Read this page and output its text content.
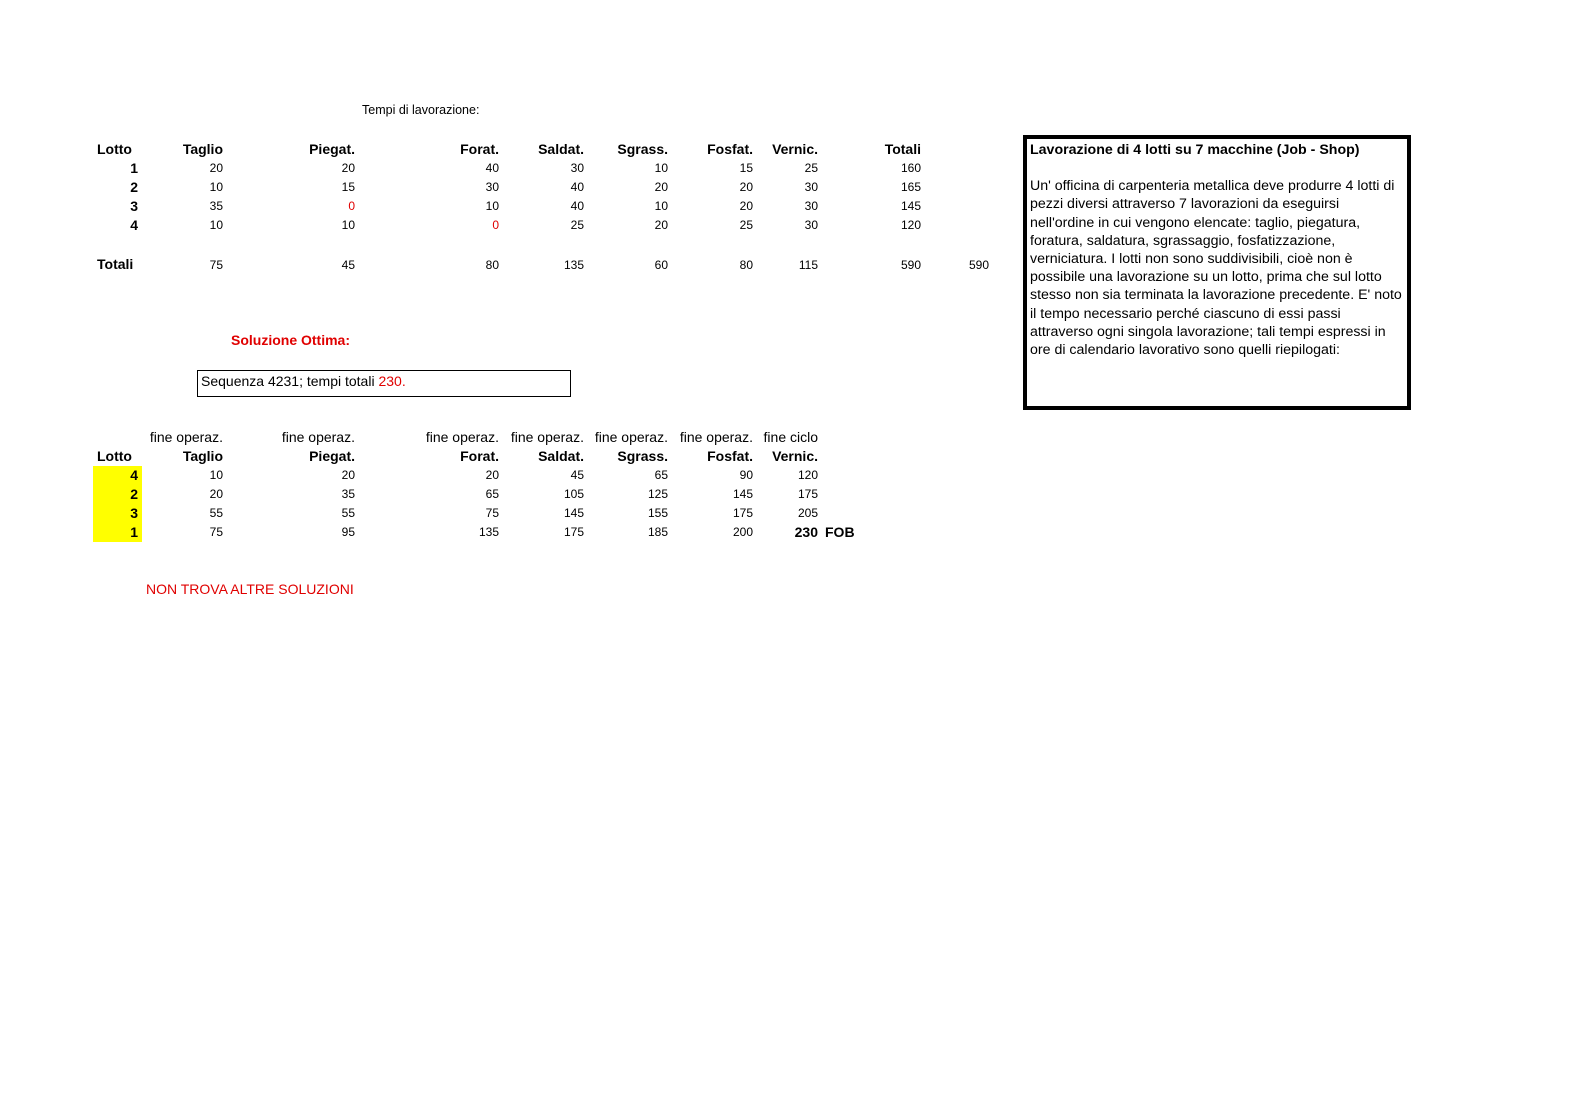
Tempi di lavorazione:
Lotto	Taglio	Piegat.	Forat.	Saldat. Sgrass.	Fosfat. Vernic.	Totali
1	20	20	40	30	10	15	25	160
2	10	15	30	40	20	20	30	165
3	35	0	10	40	10	20	30	145
4	10	10	0	25	20	25	30	120
Totali	75	45	80	135	60	80	115	590	590
Soluzione Ottima:
Sequenza 4231; tempi totali 230.
fine operaz.	fine operaz.	fine operaz. fine operaz. fine operaz. fine operaz. fine ciclo
Lotto	Taglio	Piegat.	Forat.	Saldat. Sgrass.	Fosfat. Vernic.
4	10	20	20	45	65	90	120
2	20	35	65	105	125	145	175
3	55	55	75	145	155	175	205
1	75	95	135	175	185	200	230 FOB
NON TROVA ALTRE SOLUZIONI
Lavorazione di 4 lotti su 7 macchine (Job - Shop)
Un' officina di carpenteria metallica deve produrre 4 lotti di pezzi diversi attraverso 7 lavorazioni da eseguirsi nell'ordine in cui vengono elencate: taglio, piegatura, foratura, saldatura, sgrassaggio, fosfatizzazione, verniciatura. I lotti non sono suddivisibili, cioè non è possibile una lavorazione su un lotto, prima che sul lotto stesso non sia terminata la lavorazione precedente. E' noto il tempo necessario perché ciascuno di essi passi attraverso ogni singola lavorazione; tali tempi espressi in ore di calendario lavorativo sono quelli riepilogati:
